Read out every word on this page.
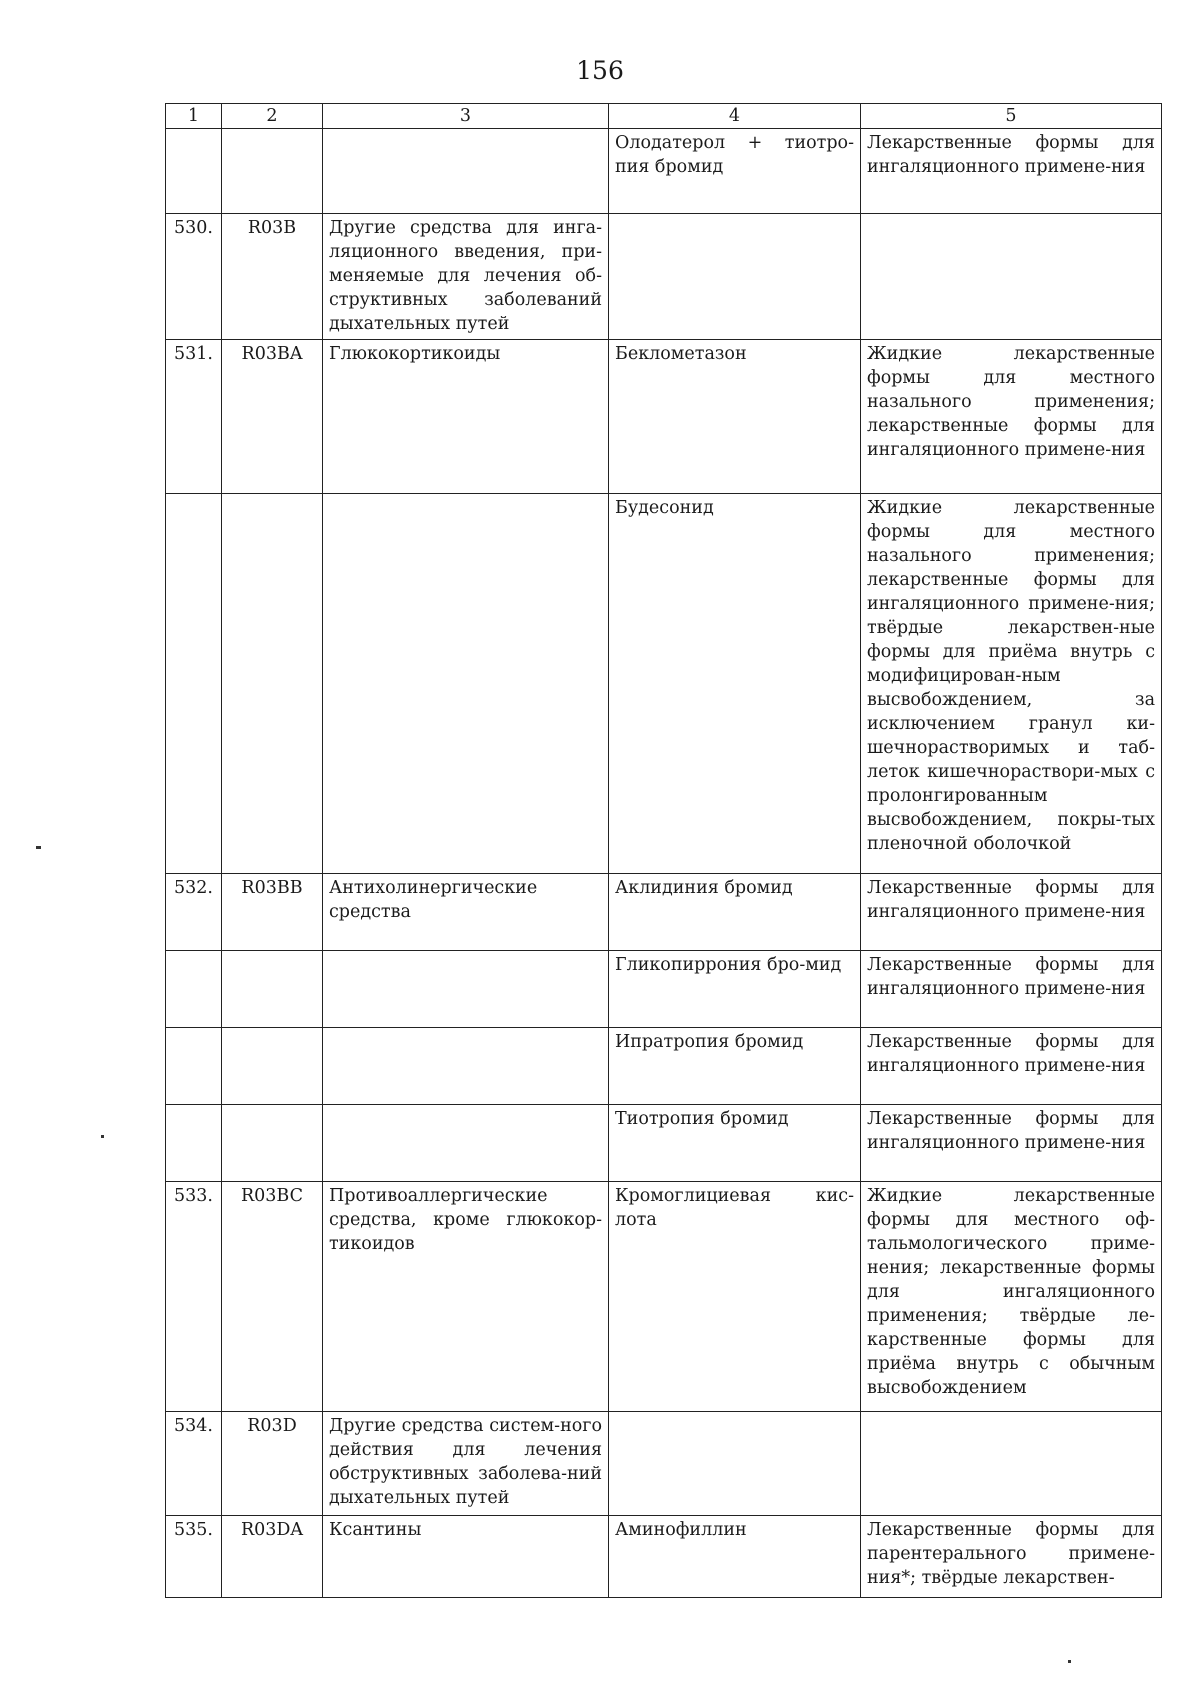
156
1	2	3	4	5
			Олодатерол + тиотро-пия бромид	Лекарственные формы для ингаляционного примене-ния
530.	R03B	Другие средства для инга-ляционного введения, при-меняемые для лечения об-структивных заболеваний дыхательных путей		
531.	R03BA	Глюкокортикоиды	Беклометазон	Жидкие лекарственные формы для местного назального применения; лекарственные формы для ингаляционного примене-ния
			Будесонид	Жидкие лекарственные формы для местного назального применения; лекарственные формы для ингаляционного примене-ния; твёрдые лекарствен-ные формы для приёма внутрь с модифицирован-ным высвобождением, за исключением гранул ки-шечнорастворимых и таб-леток кишечнораствори-мых с пролонгированным высвобождением, покры-тых пленочной оболочкой
532.	R03BB	Антихолинергические средства	Аклидиния бромид	Лекарственные формы для ингаляционного примене-ния
			Гликопиррония бро-мид	Лекарственные формы для ингаляционного примене-ния
			Ипратропия бромид	Лекарственные формы для ингаляционного примене-ния
			Тиотропия бромид	Лекарственные формы для ингаляционного примене-ния
533.	R03BC	Противоаллергические средства, кроме глюкокор-тикоидов	Кромоглициевая кис-лота	Жидкие лекарственные формы для местного оф-тальмологического приме-нения; лекарственные формы для ингаляционного применения; твёрдые ле-карственные формы для приёма внутрь с обычным высвобождением
534.	R03D	Другие средства систем-ного действия для лечения обструктивных заболева-ний дыхательных путей		
535.	R03DA	Ксантины	Аминофиллин	Лекарственные формы для парентерального примене-ния*; твёрдые лекарствен-
